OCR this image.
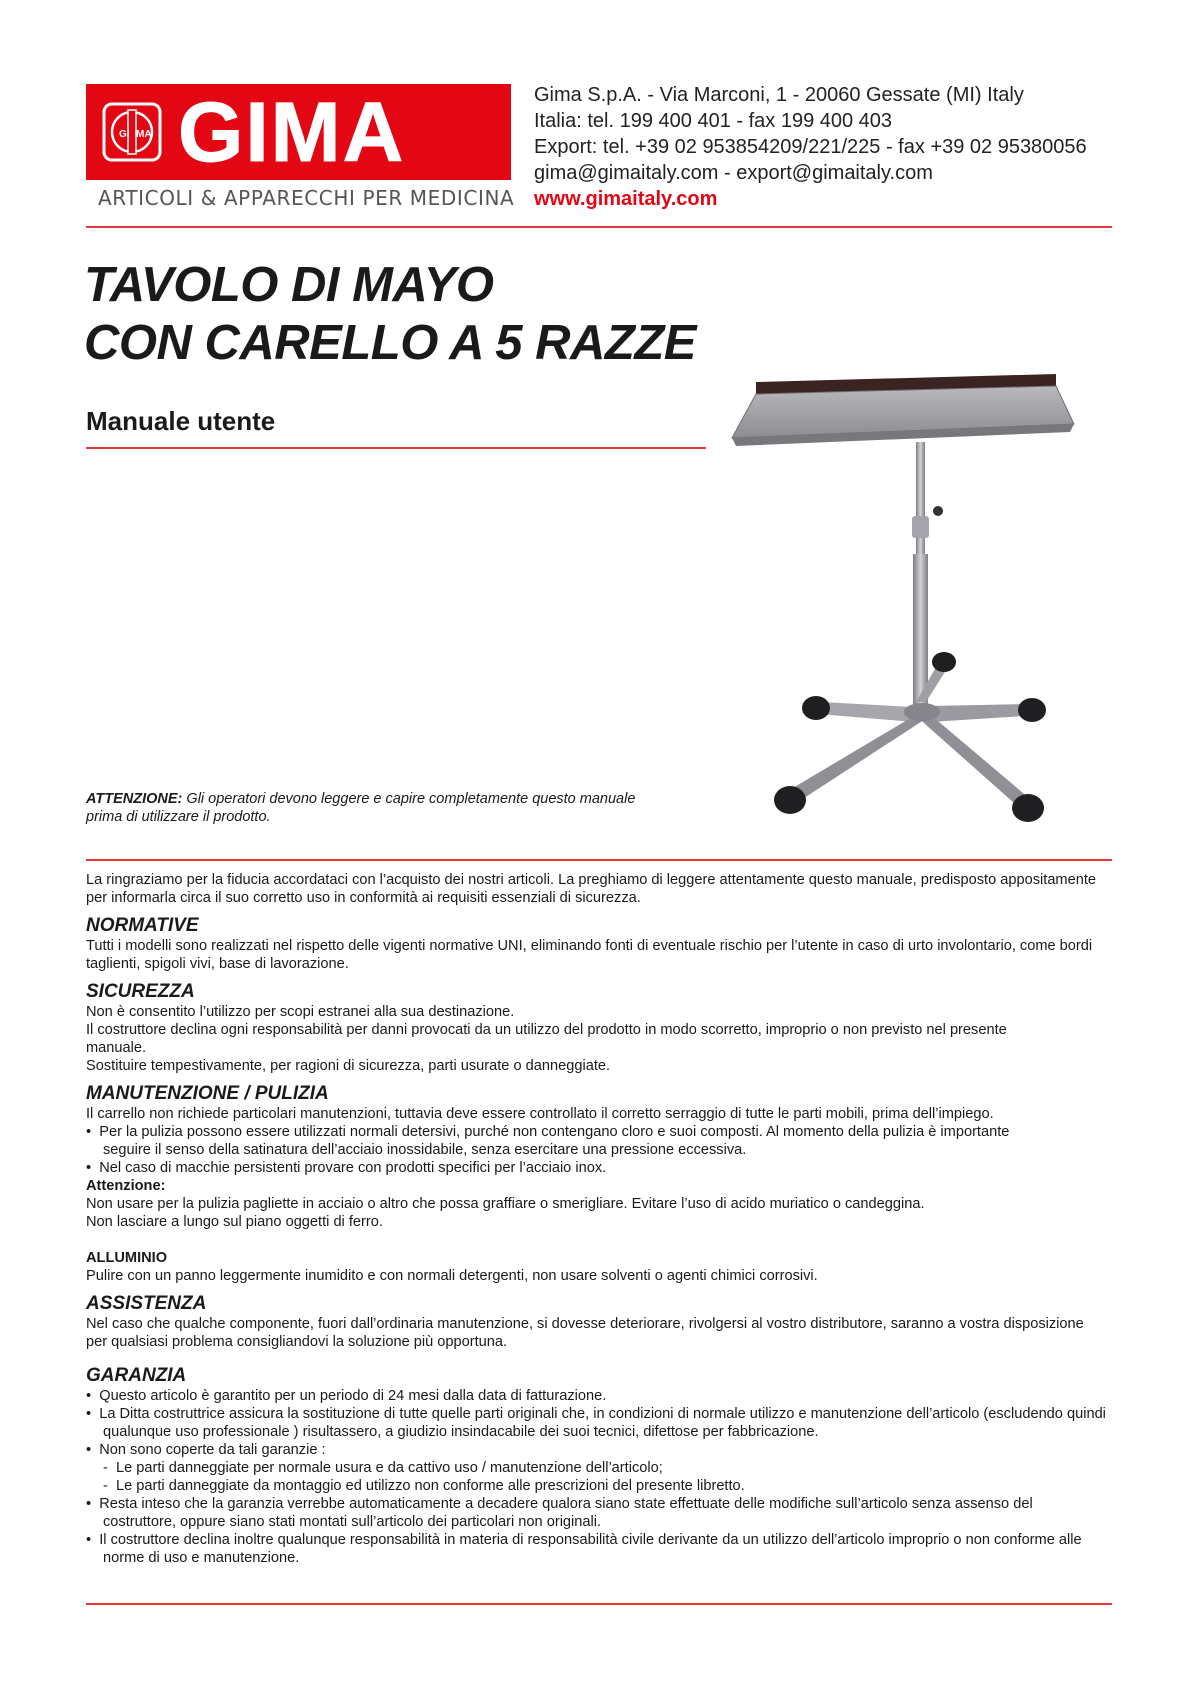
GI MA GIMA
ARTICOLI & APPARECCHI PER MEDICINA
Gima S.p.A. - Via Marconi, 1 - 20060 Gessate (MI) Italy
Italia: tel. 199 400 401 - fax 199 400 403
Export: tel. +39 02 953854209/221/225 - fax +39 02 95380056
gima@gimaitaly.com - export@gimaitaly.com
www.gimaitaly.com
TAVOLO DI MAYO
CON CARELLO A 5 RAZZE
Manuale utente
ATTENZIONE: Gli operatori devono leggere e capire completamente questo manuale prima di utilizzare il prodotto.

La ringraziamo per la fiducia accordataci con l’acquisto dei nostri articoli. La preghiamo di leggere attentamente questo manuale, predisposto appositamente per informarla circa il suo corretto uso in conformità ai requisiti essenziali di sicurezza.

NORMATIVE

Tutti i modelli sono realizzati nel rispetto delle vigenti normative UNI, eliminando fonti di eventuale rischio per l’utente in caso di urto involontario, come bordi taglienti, spigoli vivi, base di lavorazione.

SICUREZZA

Non è consentito l’utilizzo per scopi estranei alla sua destinazione.

Il costruttore declina ogni responsabilità per danni provocati da un utilizzo del prodotto in modo scorretto, improprio o non previsto nel presente manuale.

Sostituire tempestivamente, per ragioni di sicurezza, parti usurate o danneggiate.

MANUTENZIONE / PULIZIA

Il carrello non richiede particolari manutenzioni, tuttavia deve essere controllato il corretto serraggio di tutte le parti mobili, prima dell’impiego.

•  Per la pulizia possono essere utilizzati normali detersivi, purché non contengano cloro e suoi composti. Al momento della pulizia è importante seguire il senso della satinatura dell’acciaio inossidabile, senza esercitare una pressione eccessiva.

•  Nel caso di macchie persistenti provare con prodotti specifici per l’acciaio inox.

Attenzione:

Non usare per la pulizia pagliette in acciaio o altro che possa graffiare o smerigliare. Evitare l’uso di acido muriatico o candeggina.

Non lasciare a lungo sul piano oggetti di ferro.

ALLUMINIO

Pulire con un panno leggermente inumidito e con normali detergenti, non usare solventi o agenti chimici corrosivi.

ASSISTENZA

Nel caso che qualche componente, fuori dall’ordinaria manutenzione, si dovesse deteriorare, rivolgersi al vostro distributore, saranno a vostra disposizione per qualsiasi problema consigliandovi la soluzione più opportuna.

GARANZIA

•  Questo articolo è garantito per un periodo di 24 mesi dalla data di fatturazione.

•  La Ditta costruttrice assicura la sostituzione di tutte quelle parti originali che, in condizioni di normale utilizzo e manutenzione dell’articolo (escludendo quindi qualunque uso professionale ) risultassero, a giudizio insindacabile dei suoi tecnici, difettose per fabbricazione.

•  Non sono coperte da tali garanzie :

-  Le parti danneggiate per normale usura e da cattivo uso / manutenzione dell’articolo;

-  Le parti danneggiate da montaggio ed utilizzo non conforme alle prescrizioni del presente libretto.

•  Resta inteso che la garanzia verrebbe automaticamente a decadere qualora siano state effettuate delle modifiche sull’articolo senza assenso del costruttore, oppure siano stati montati sull’articolo dei particolari non originali.

•  Il costruttore declina inoltre qualunque responsabilità in materia di responsabilità civile derivante da un utilizzo dell’articolo improprio o non conforme alle norme di uso e manutenzione.
